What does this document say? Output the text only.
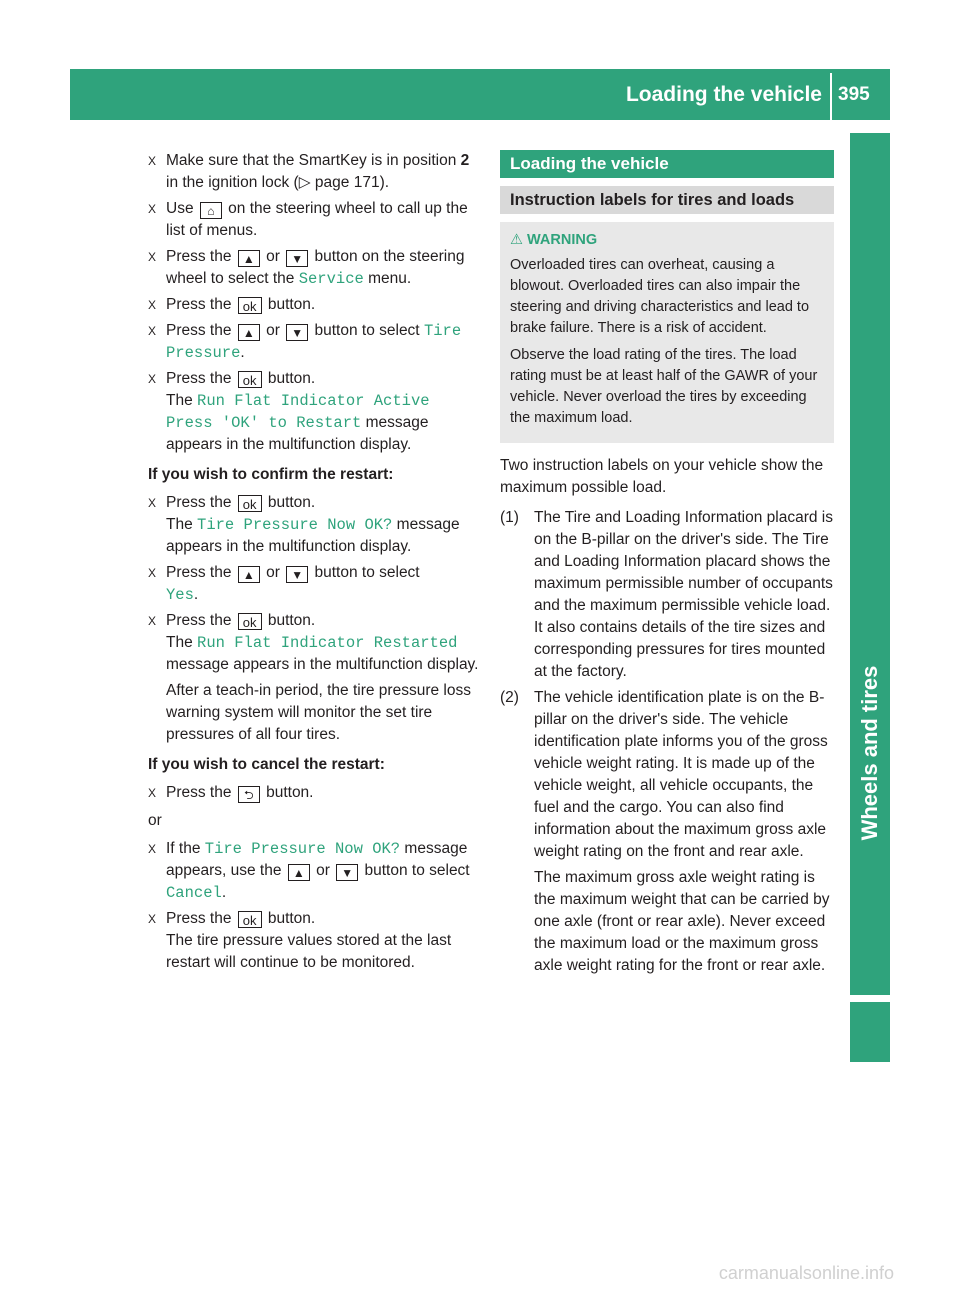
Loading the vehicle 395
Wheels and tires
X Make sure that the SmartKey is in position 2 in the ignition lock (▷ page 171).
X Use ⌂ on the steering wheel to call up the list of menus.
X Press the ▲ or ▼ button on the steering wheel to select the Service menu.
X Press the ok button.
X Press the ▲ or ▼ button to select Tire Pressure.
X Press the ok button.
The Run Flat Indicator Active
Press 'OK' to Restart message appears in the multifunction display.
If you wish to confirm the restart:
X Press the ok button.
The Tire Pressure Now OK? message appears in the multifunction display.
X Press the ▲ or ▼ button to select
Yes.
X Press the ok button.
The Run Flat Indicator Restarted message appears in the multifunction display.
After a teach-in period, the tire pressure loss warning system will monitor the set tire pressures of all four tires.
If you wish to cancel the restart:
X Press the ⮌ button.
or
X If the Tire Pressure Now OK? message appears, use the ▲ or ▼ button to select Cancel.
X Press the ok button.
The tire pressure values stored at the last restart will continue to be monitored.
Loading the vehicle
Instruction labels for tires and loads
⚠ WARNING

Overloaded tires can overheat, causing a blowout. Overloaded tires can also impair the steering and driving characteristics and lead to brake failure. There is a risk of accident.

Observe the load rating of the tires. The load rating must be at least half of the GAWR of your vehicle. Never overload the tires by exceeding the maximum load.

Two instruction labels on your vehicle show the maximum possible load.

(1) The Tire and Loading Information placard is on the B-pillar on the driver's side. The Tire and Loading Information placard shows the maximum permissible number of occupants and the maximum permissible vehicle load. It also contains details of the tire sizes and corresponding pressures for tires mounted at the factory.

(2) The vehicle identification plate is on the B-pillar on the driver's side. The vehicle identification plate informs you of the gross vehicle weight rating. It is made up of the vehicle weight, all vehicle occupants, the fuel and the cargo. You can also find information about the maximum gross axle weight rating on the front and rear axle.

The maximum gross axle weight rating is the maximum weight that can be carried by one axle (front or rear axle). Never exceed the maximum load or the maximum gross axle weight rating for the front or rear axle.

carmanualsonline.info
